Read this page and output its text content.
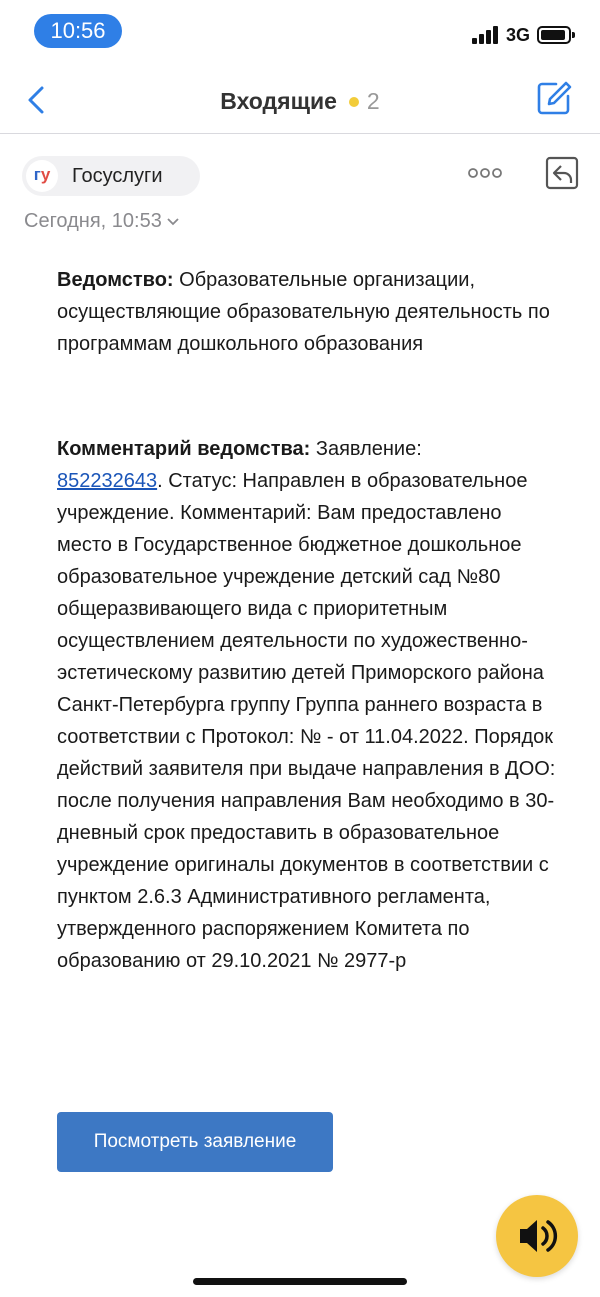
10:56	3G
Входящие 2
гу	Госуслуги
Сегодня, 10:53
Ведомство: Образовательные организации, осуществляющие образовательную деятельность по программам дошкольного образования
Комментарий ведомства: Заявление:
852232643. Статус: Направлен в образовательное учреждение. Комментарий: Вам предоставлено место в Государственное бюджетное дошкольное образовательное учреждение детский сад №80 общеразвивающего вида с приоритетным осуществлением деятельности по художественно-эстетическому развитию детей Приморского района Санкт-Петербурга группу Группа раннего возраста в соответствии с Протокол: № - от 11.04.2022. Порядок действий заявителя при выдаче направления в ДОО: после получения направления Вам необходимо в 30-дневный срок предоставить в образовательное учреждение оригиналы документов в соответствии с пунктом 2.6.3 Административного регламента, утвержденного распоряжением Комитета по образованию от 29.10.2021 № 2977-р
Посмотреть заявление
